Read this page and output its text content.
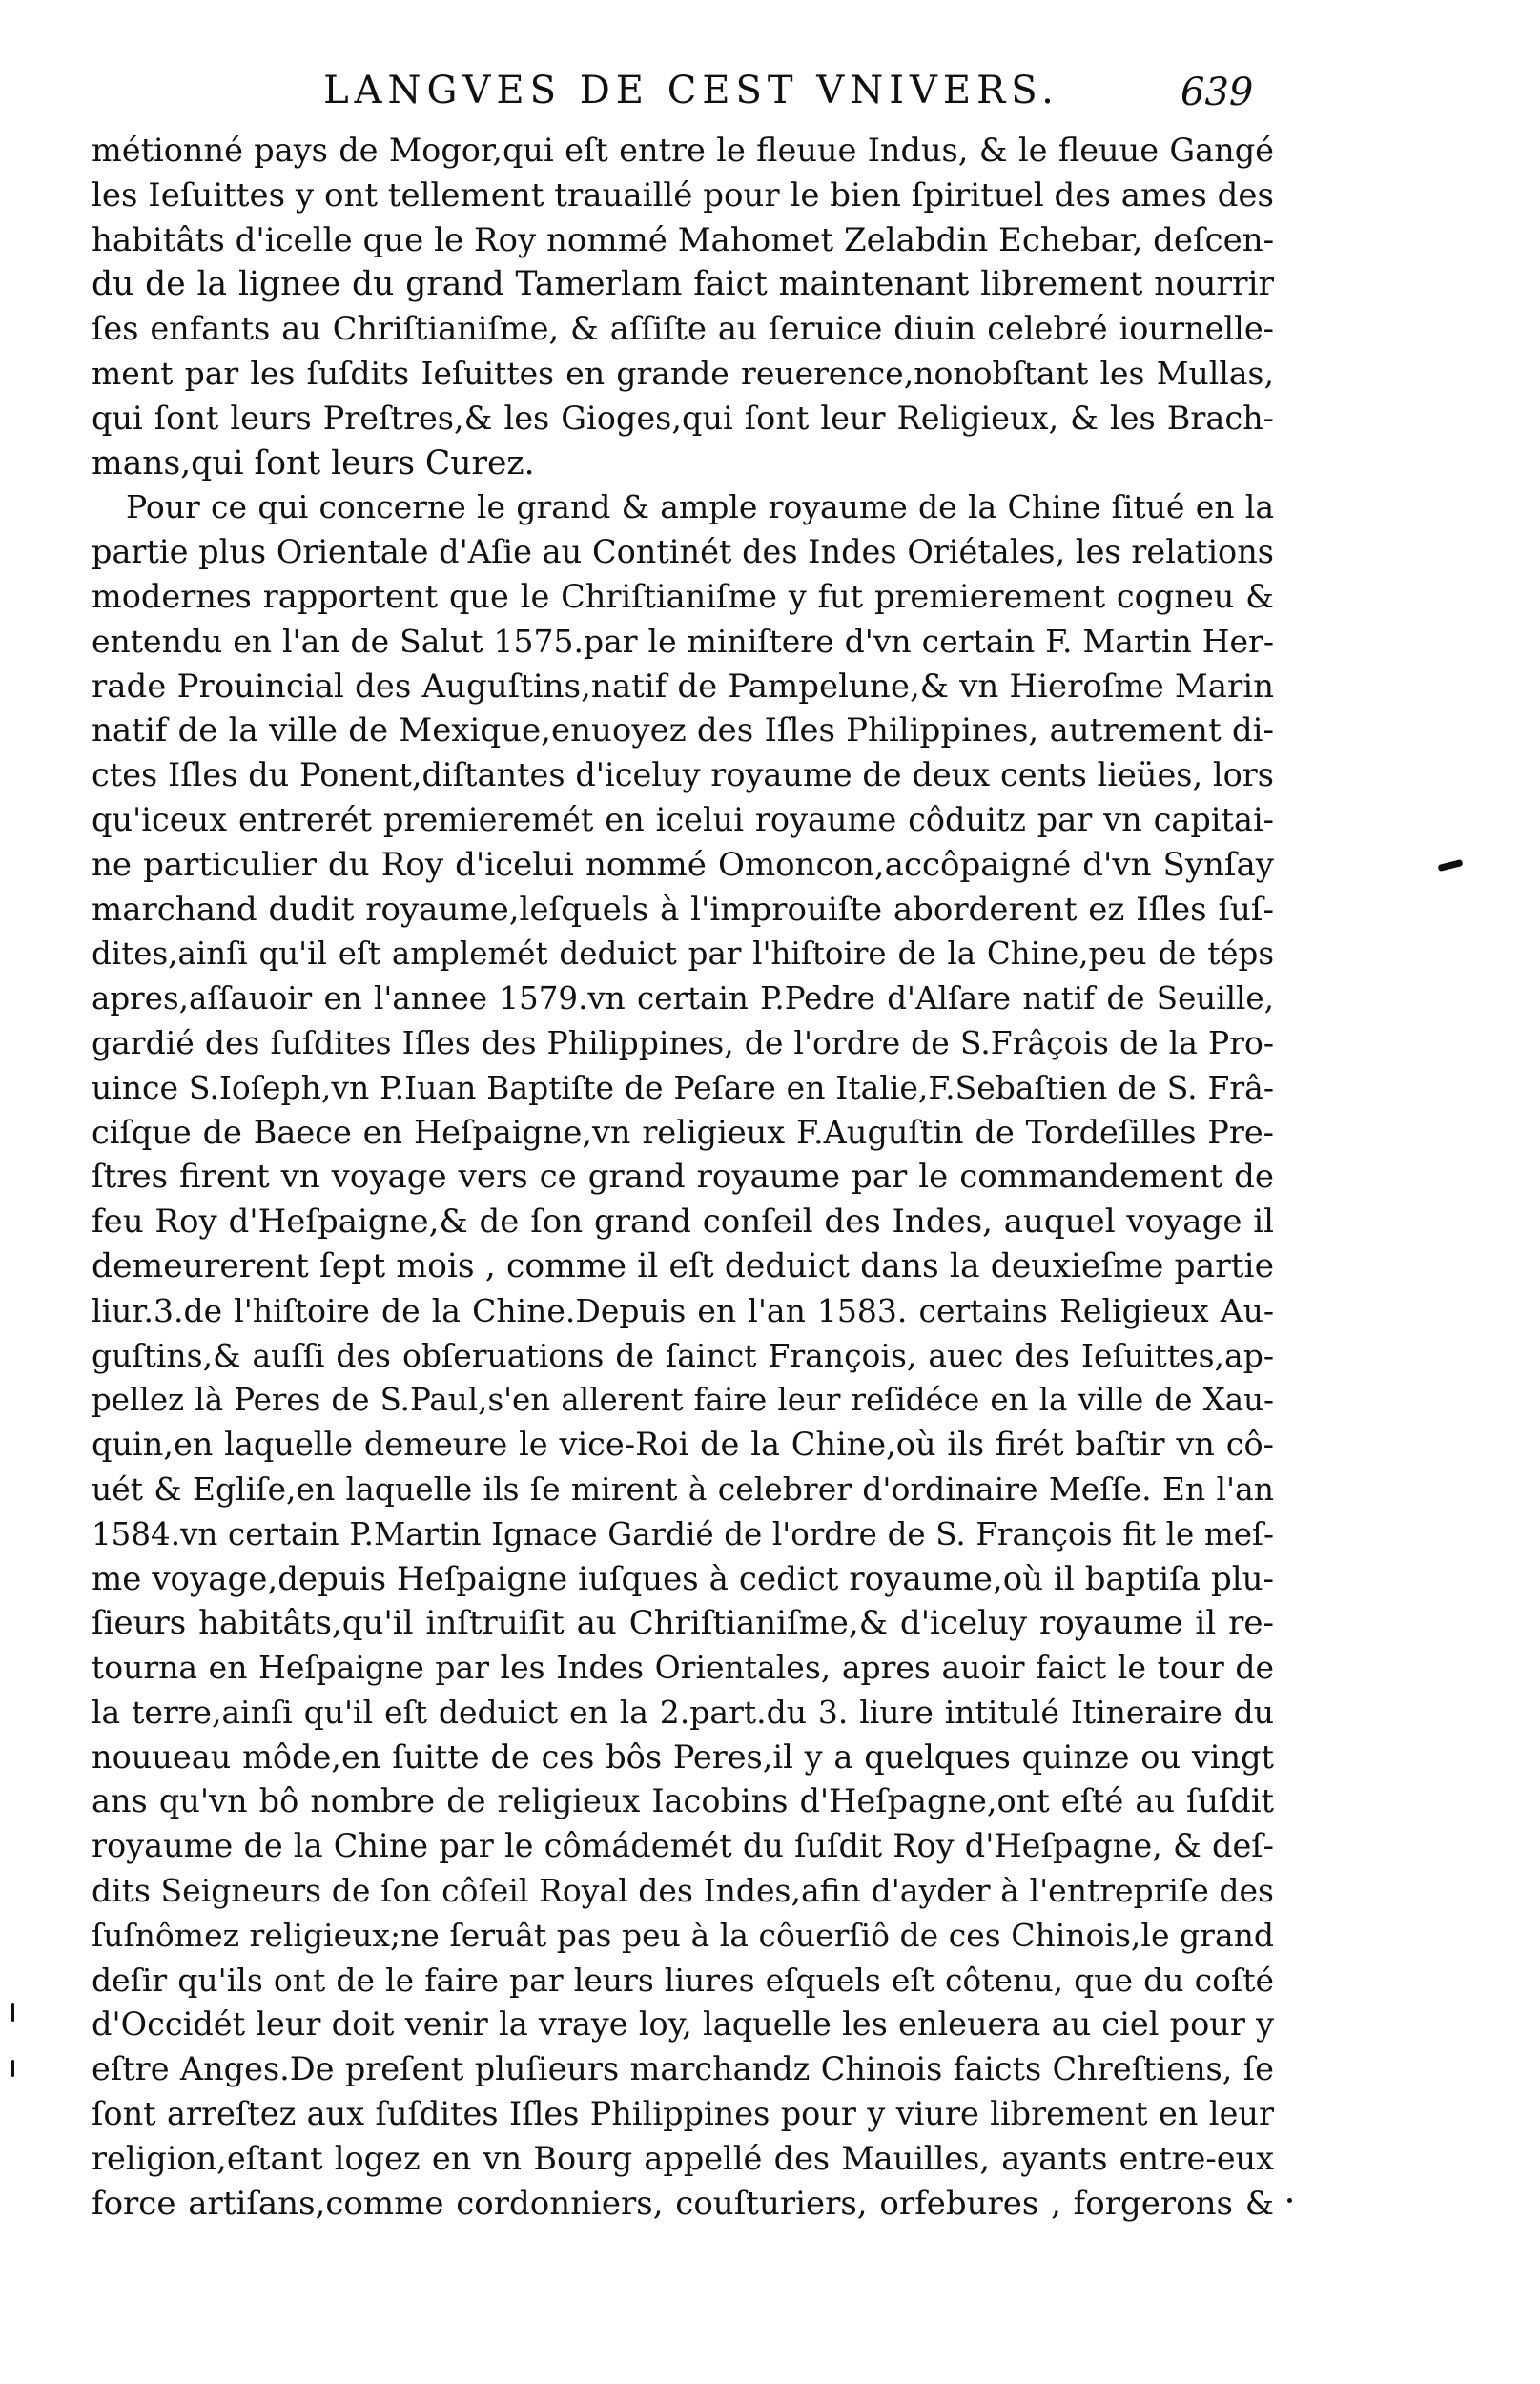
LANGVES DE CEST VNIVERS.	639
métionné pays de Mogor,qui eſt entre le fleuue Indus, & le fleuue Gangé
les Ieſuittes y ont tellement trauaillé pour le bien ſpirituel des ames des
habitâts d'icelle que le Roy nommé Mahomet Zelabdin Echebar, deſcen-
du de la lignee du grand Tamerlam faict maintenant librement nourrir
ſes enfants au Chriſtianiſme, & aſſiſte au ſeruice diuin celebré iournelle-
ment par les ſuſdits Ieſuittes en grande reuerence,nonobſtant les Mullas,
qui ſont leurs Preſtres,& les Gioges,qui ſont leur Religieux, & les Brach-
mans,qui ſont leurs Curez.
Pour ce qui concerne le grand & ample royaume de la Chine ſitué en la
partie plus Orientale d'Aſie au Continét des Indes Oriétales, les relations
modernes rapportent que le Chriſtianiſme y fut premierement cogneu &
entendu en l'an de Salut 1575.par le miniſtere d'vn certain F. Martin Her-
rade Prouincial des Auguſtins,natif de Pampelune,& vn Hieroſme Marin
natif de la ville de Mexique,enuoyez des Iſles Philippines, autrement di-
ctes Iſles du Ponent,diſtantes d'iceluy royaume de deux cents lieües, lors
qu'iceux entrerét premieremét en icelui royaume côduitz par vn capitai-
ne particulier du Roy d'icelui nommé Omoncon,accôpaigné d'vn Synſay
marchand dudit royaume,leſquels à l'improuiſte aborderent ez Iſles ſuſ-
dites,ainſi qu'il eſt amplemét deduict par l'hiſtoire de la Chine,peu de téps
apres,aſſauoir en l'annee 1579.vn certain P.Pedre d'Alſare natif de Seuille,
gardié des ſuſdites Iſles des Philippines, de l'ordre de S.Frâçois de la Pro-
uince S.Ioſeph,vn P.Iuan Baptiſte de Peſare en Italie,F.Sebaſtien de S. Frâ-
ciſque de Baece en Heſpaigne,vn religieux F.Auguſtin de Tordeſilles Pre-
ſtres firent vn voyage vers ce grand royaume par le commandement de
feu Roy d'Heſpaigne,& de ſon grand conſeil des Indes, auquel voyage il
demeurerent ſept mois , comme il eſt deduict dans la deuxieſme partie
liur.3.de l'hiſtoire de la Chine.Depuis en l'an 1583. certains Religieux Au-
guſtins,& auſſi des obſeruations de ſainct François, auec des Ieſuittes,ap-
pellez là Peres de S.Paul,s'en allerent faire leur reſidéce en la ville de Xau-
quin,en laquelle demeure le vice-Roi de la Chine,où ils firét baſtir vn cô-
uét & Egliſe,en laquelle ils ſe mirent à celebrer d'ordinaire Meſſe. En l'an
1584.vn certain P.Martin Ignace Gardié de l'ordre de S. François fit le meſ-
me voyage,depuis Heſpaigne iuſques à cedict royaume,où il baptiſa plu-
ſieurs habitâts,qu'il inſtruiſit au Chriſtianiſme,& d'iceluy royaume il re-
tourna en Heſpaigne par les Indes Orientales, apres auoir faict le tour de
la terre,ainſi qu'il eſt deduict en la 2.part.du 3. liure intitulé Itineraire du
nouueau môde,en ſuitte de ces bôs Peres,il y a quelques quinze ou vingt
ans qu'vn bô nombre de religieux Iacobins d'Heſpagne,ont eſté au ſuſdit
royaume de la Chine par le cômádemét du ſuſdit Roy d'Heſpagne, & deſ-
dits Seigneurs de ſon côſeil Royal des Indes,afin d'ayder à l'entrepriſe des
ſuſnômez religieux;ne ſeruât pas peu à la côuerſiô de ces Chinois,le grand
deſir qu'ils ont de le faire par leurs liures eſquels eſt côtenu, que du coſté
d'Occidét leur doit venir la vraye loy, laquelle les enleuera au ciel pour y
eſtre Anges.De preſent pluſieurs marchandz Chinois faicts Chreſtiens, ſe
ſont arreſtez aux ſuſdites Iſles Philippines pour y viure librement en leur
religion,eſtant logez en vn Bourg appellé des Mauilles, ayants entre-eux
force artiſans,comme cordonniers, couſturiers, orfebures , forgerons &
